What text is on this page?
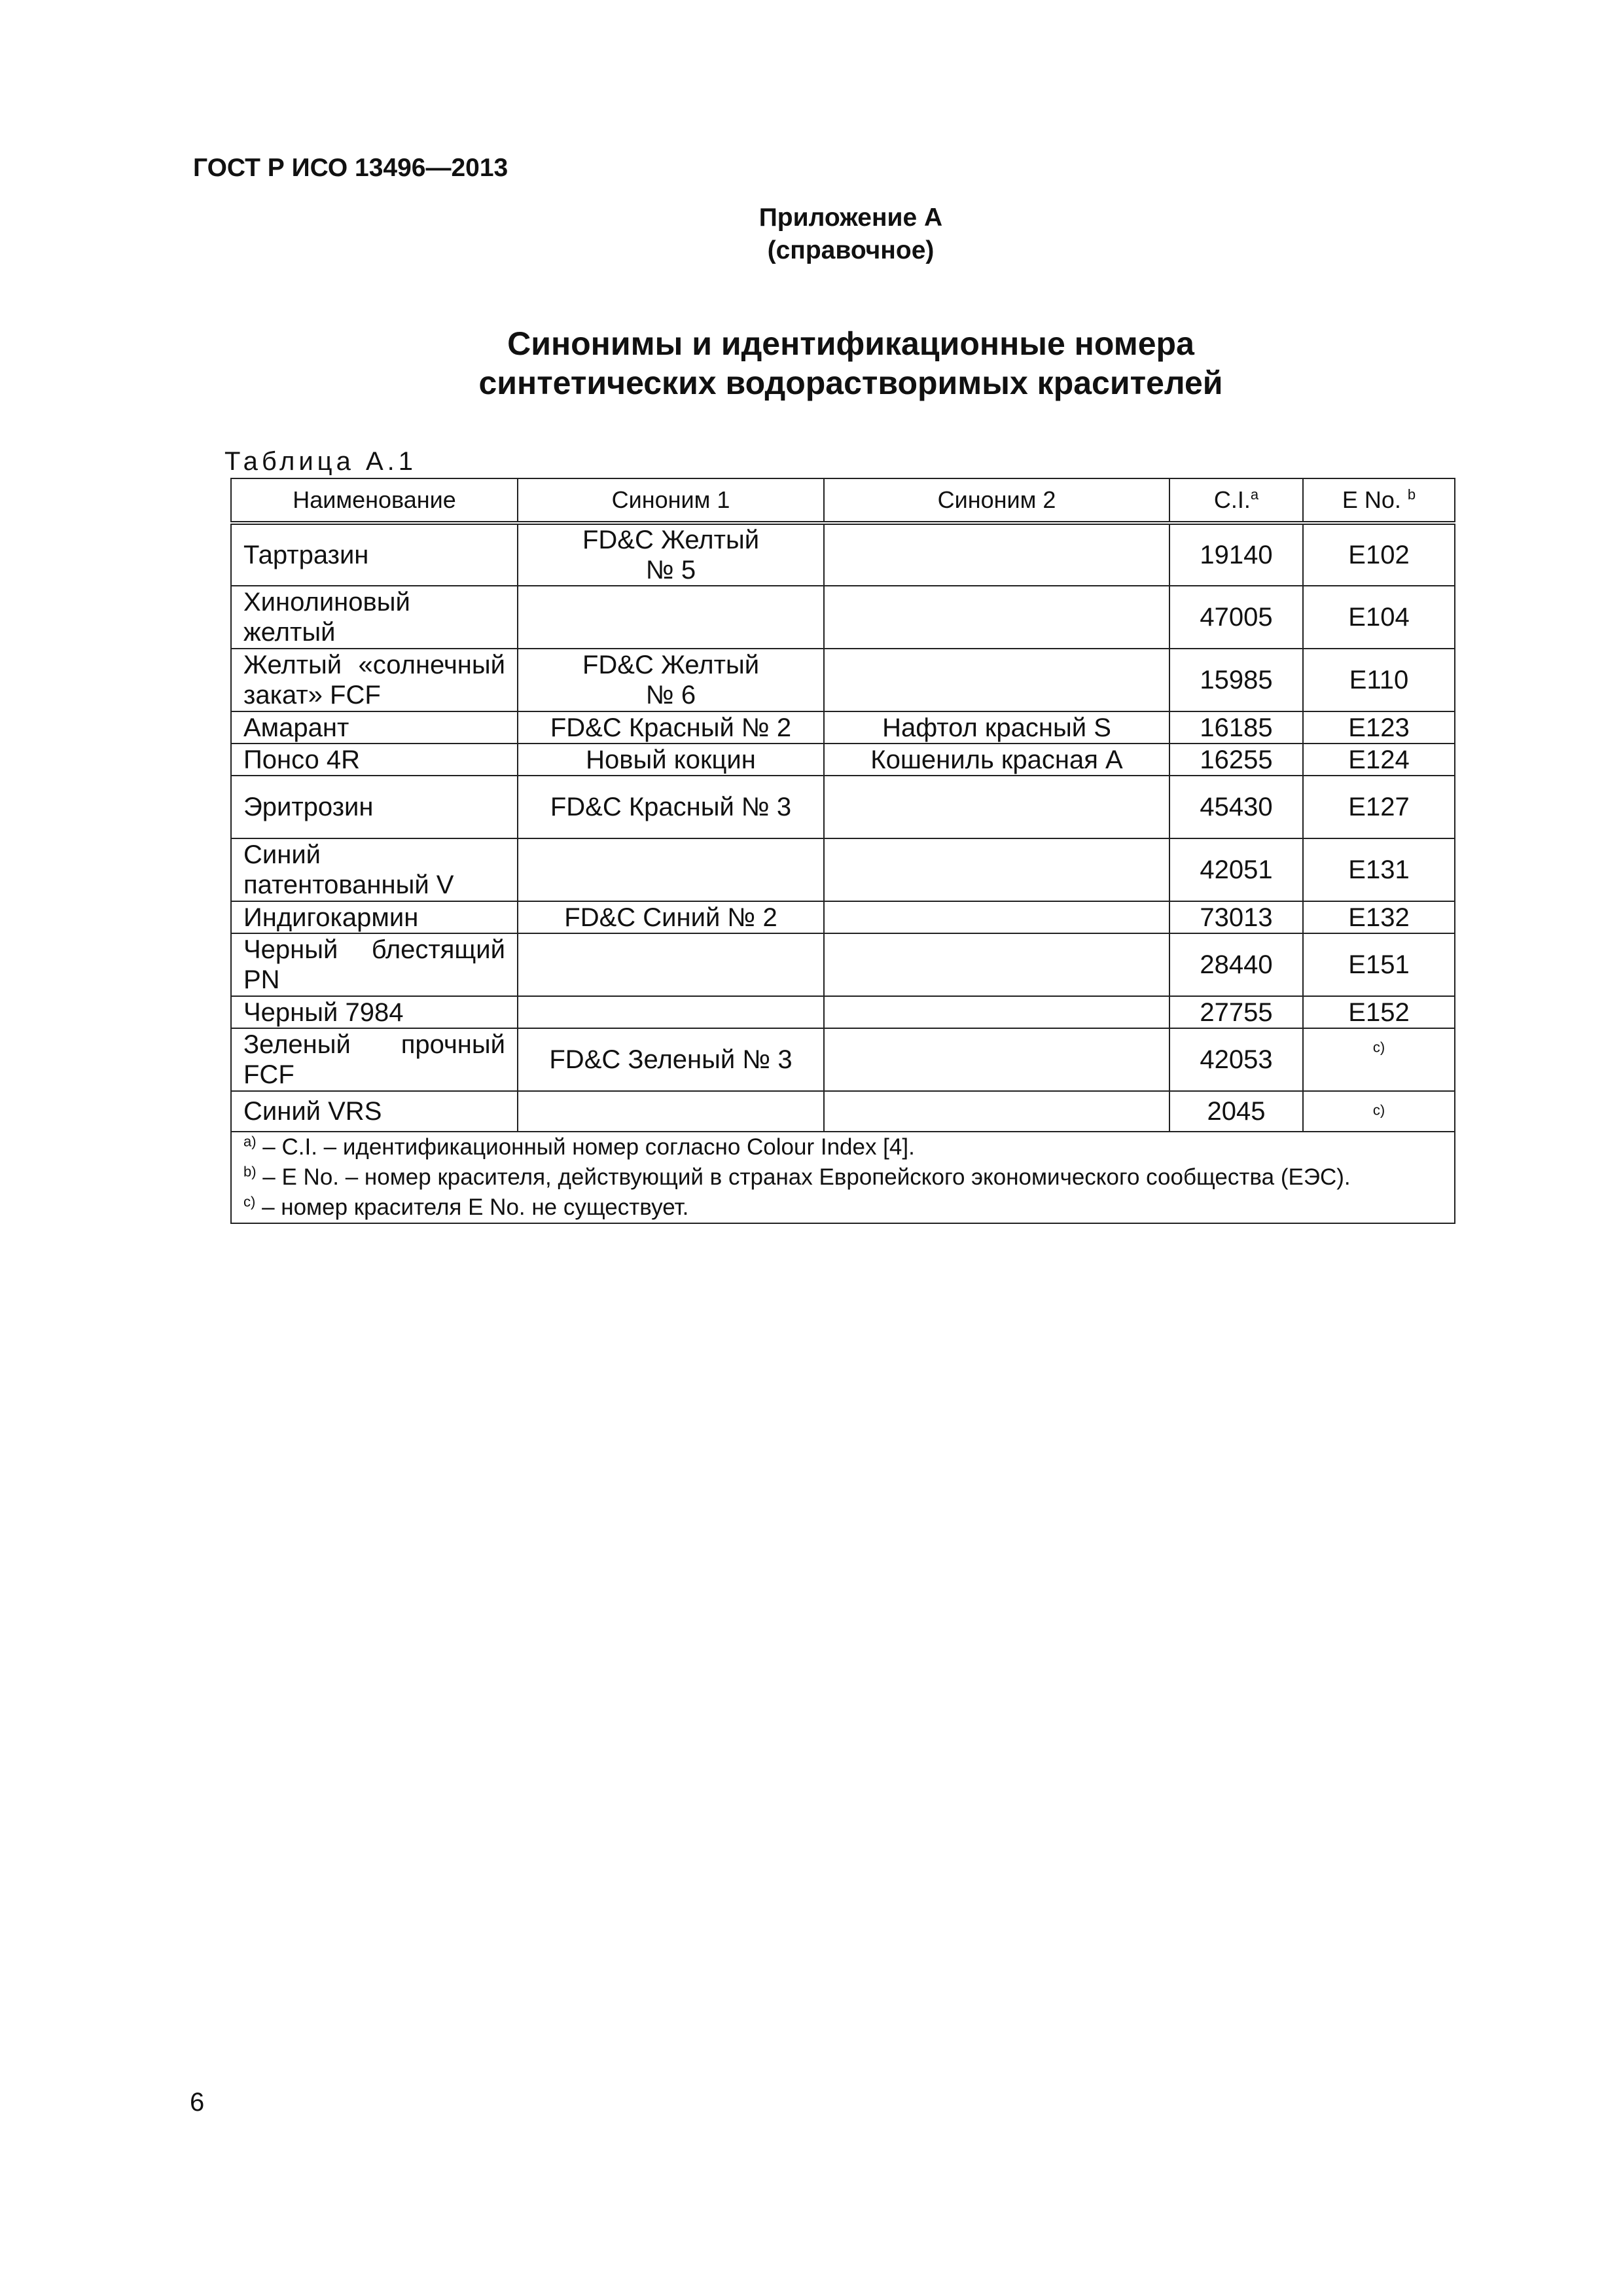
ГОСТ Р ИСО 13496—2013
Приложение А
(справочное)
Синонимы и идентификационные номера
синтетических водорастворимых красителей
Таблица А.1
Наименование	Синоним 1	Синоним 2	C.I.$^a$	E No. $^b$
Тартразин	FD&C Желтый № 5		19140	E102
Хинолиновый желтый			47005	E104
Желтый «солнечный закат» FCF	FD&C Желтый № 6		15985	E110
Амарант	FD&C Красный № 2	Нафтол красный S	16185	E123
Понсо 4R	Новый кокцин	Кошениль красная А	16255	E124
Эритрозин	FD&C Красный № 3		45430	E127
Синий патентованный V			42051	E131
Индигокармин	FD&C Синий № 2		73013	E132
Черный блестящий PN			28440	E151
Черный 7984			27755	E152
Зеленый прочный FCF	FD&C Зеленый № 3		42053	$^{c)}$
Синий VRS			2045	$^{c)}$

$^{a)}$ – C.I. – идентификационный номер согласно Colour Index [4].
$^{b)}$ – E No. – номер красителя, действующий в странах Европейского экономического сообщества (ЕЭС).
$^{c)}$ – номер красителя E No. не существует.				
6
